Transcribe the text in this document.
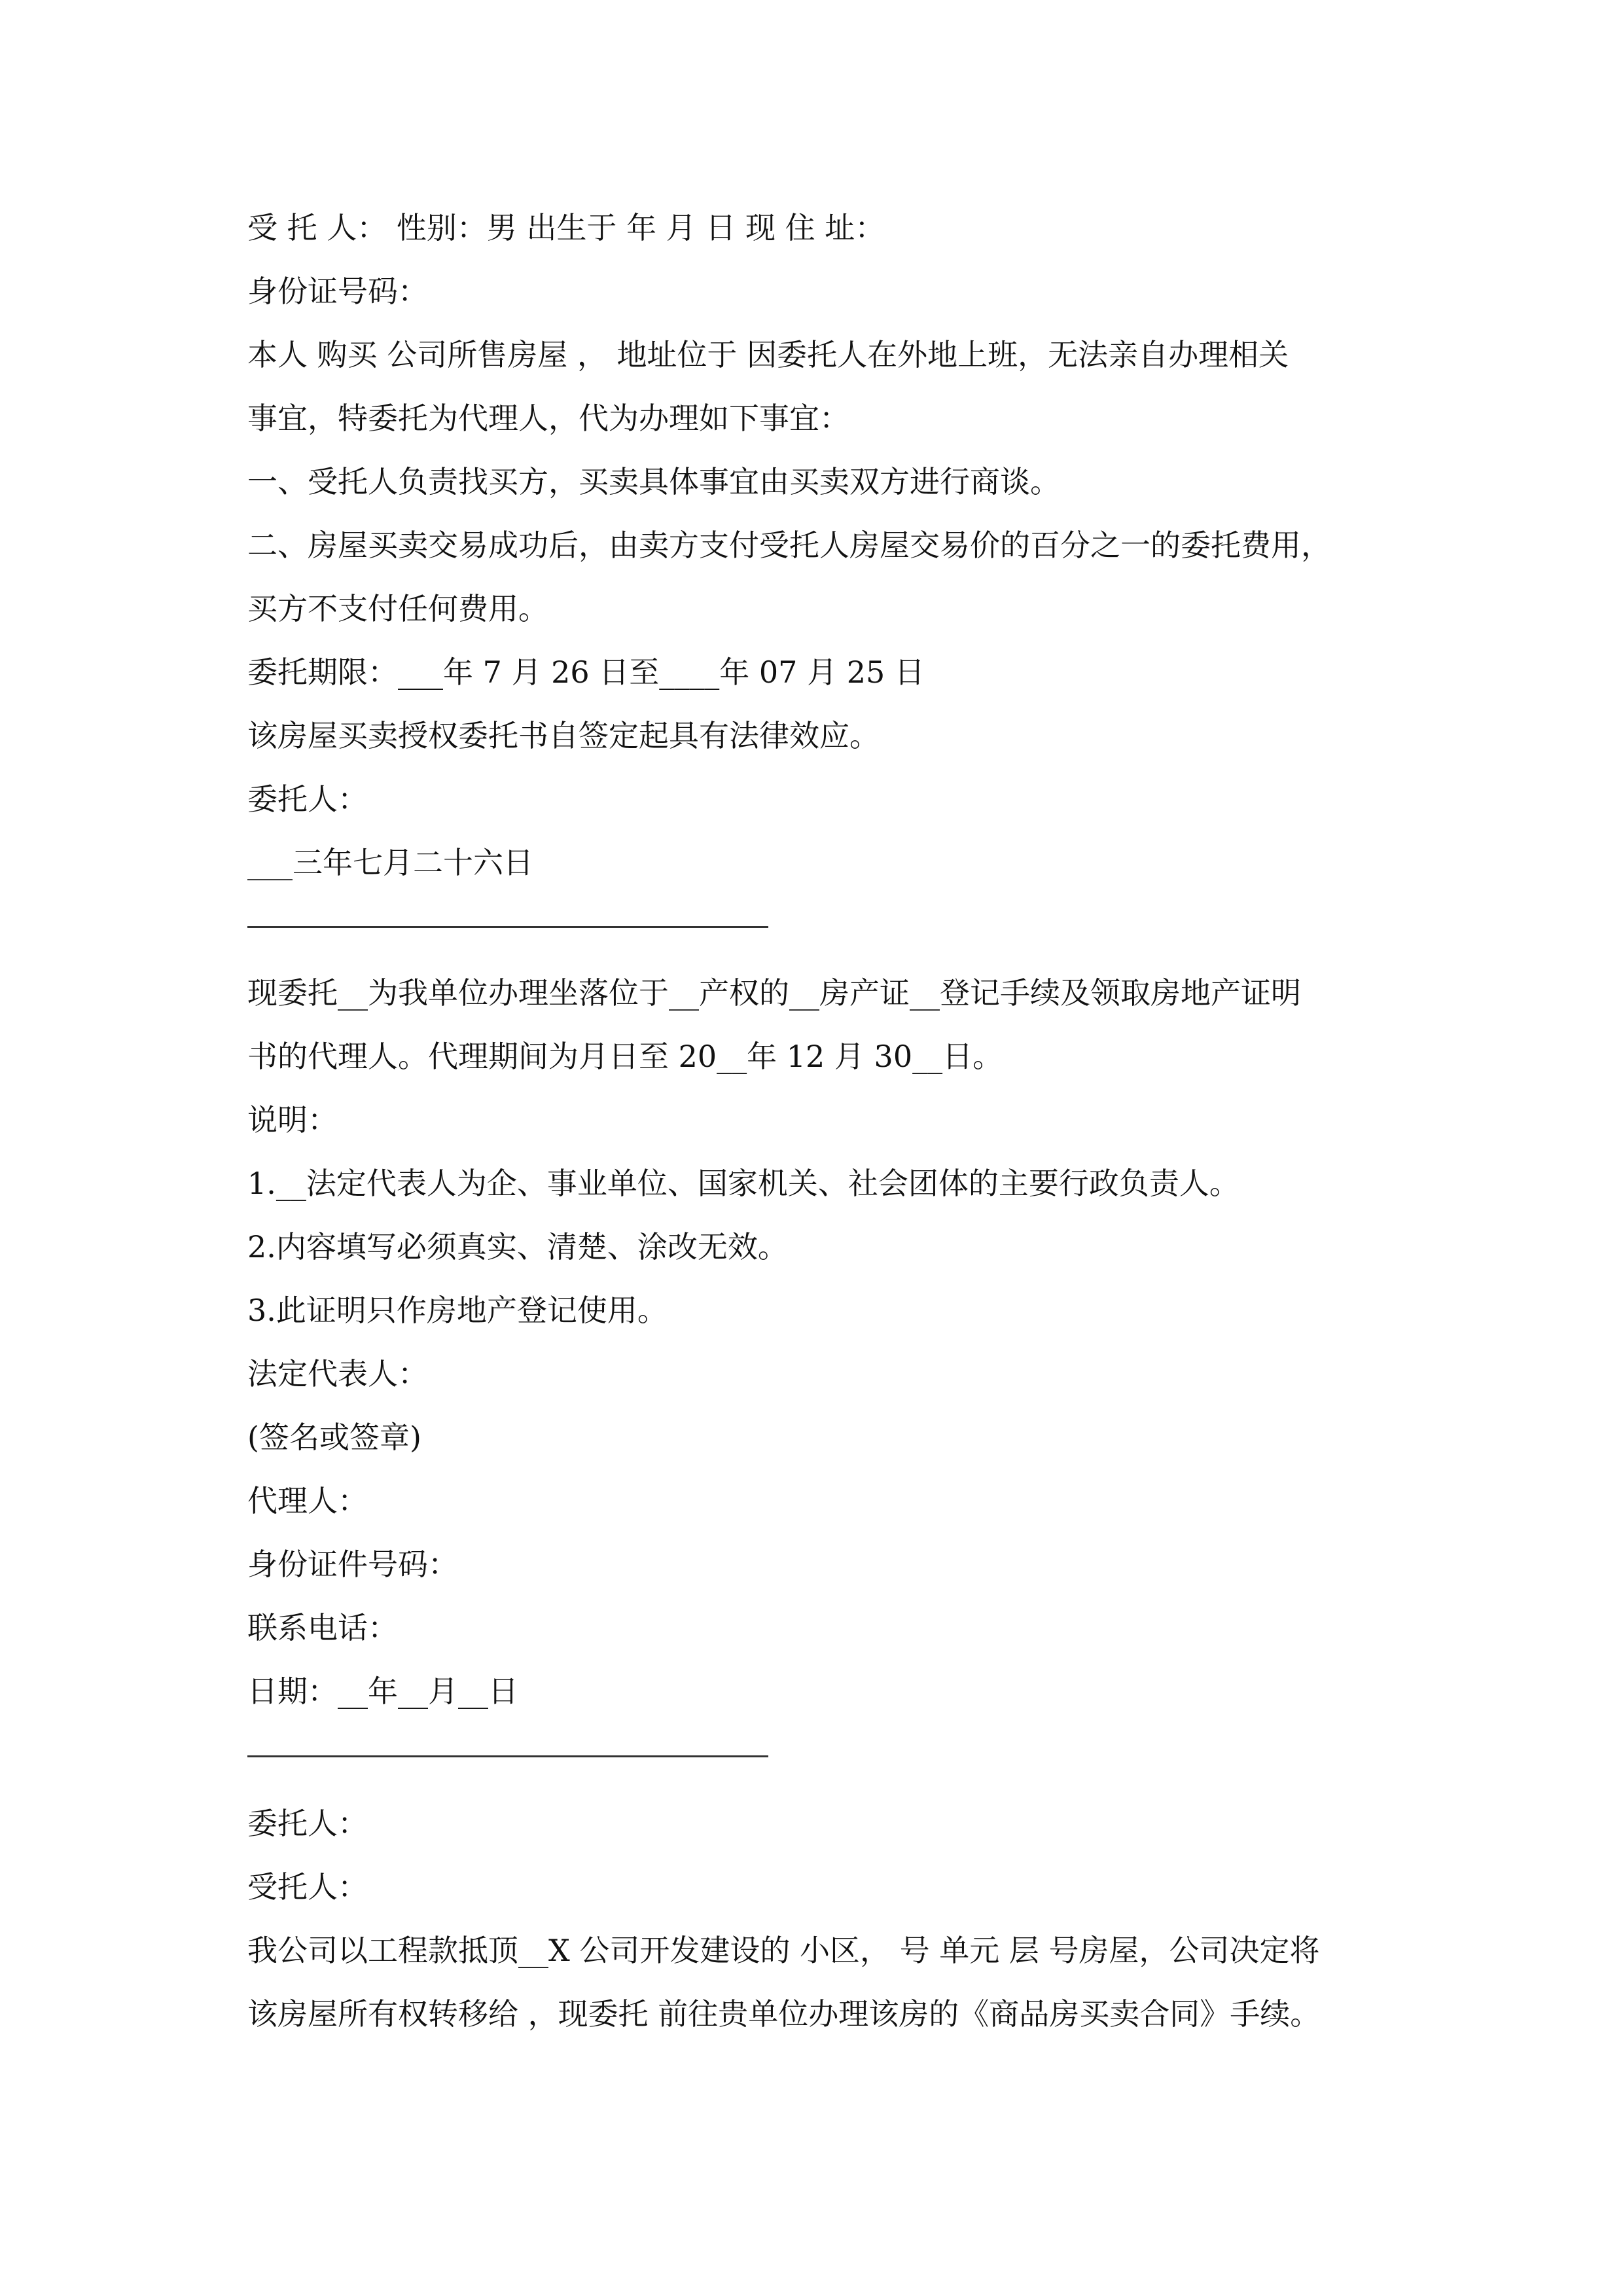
受 托 人： 性别：男 出生于 年 月 日 现 住 址：
身份证号码：
本人 购买 公司所售房屋 ， 地址位于 因委托人在外地上班，无法亲自办理相关
事宜，特委托为代理人，代为办理如下事宜：
一、受托人负责找买方，买卖具体事宜由买卖双方进行商谈。
二、房屋买卖交易成功后，由卖方支付受托人房屋交易价的百分之一的委托费用，
买方不支付任何费用。
委托期限：___年 7 月 26 日至____年 07 月 25 日
该房屋买卖授权委托书自签定起具有法律效应。
委托人：
___三年七月二十六日
现委托__为我单位办理坐落位于__产权的__房产证__登记手续及领取房地产证明
书的代理人。代理期间为月日至 20__年 12 月 30__日。
说明：
1.__法定代表人为企、事业单位、国家机关、社会团体的主要行政负责人。
2.内容填写必须真实、清楚、涂改无效。
3.此证明只作房地产登记使用。
法定代表人：
(签名或签章)
代理人：
身份证件号码：
联系电话：
日期：__年__月__日
委托人：
受托人：
我公司以工程款抵顶__X 公司开发建设的 小区， 号 单元 层 号房屋，公司决定将
该房屋所有权转移给 ，现委托 前往贵单位办理该房的《商品房买卖合同》手续。
